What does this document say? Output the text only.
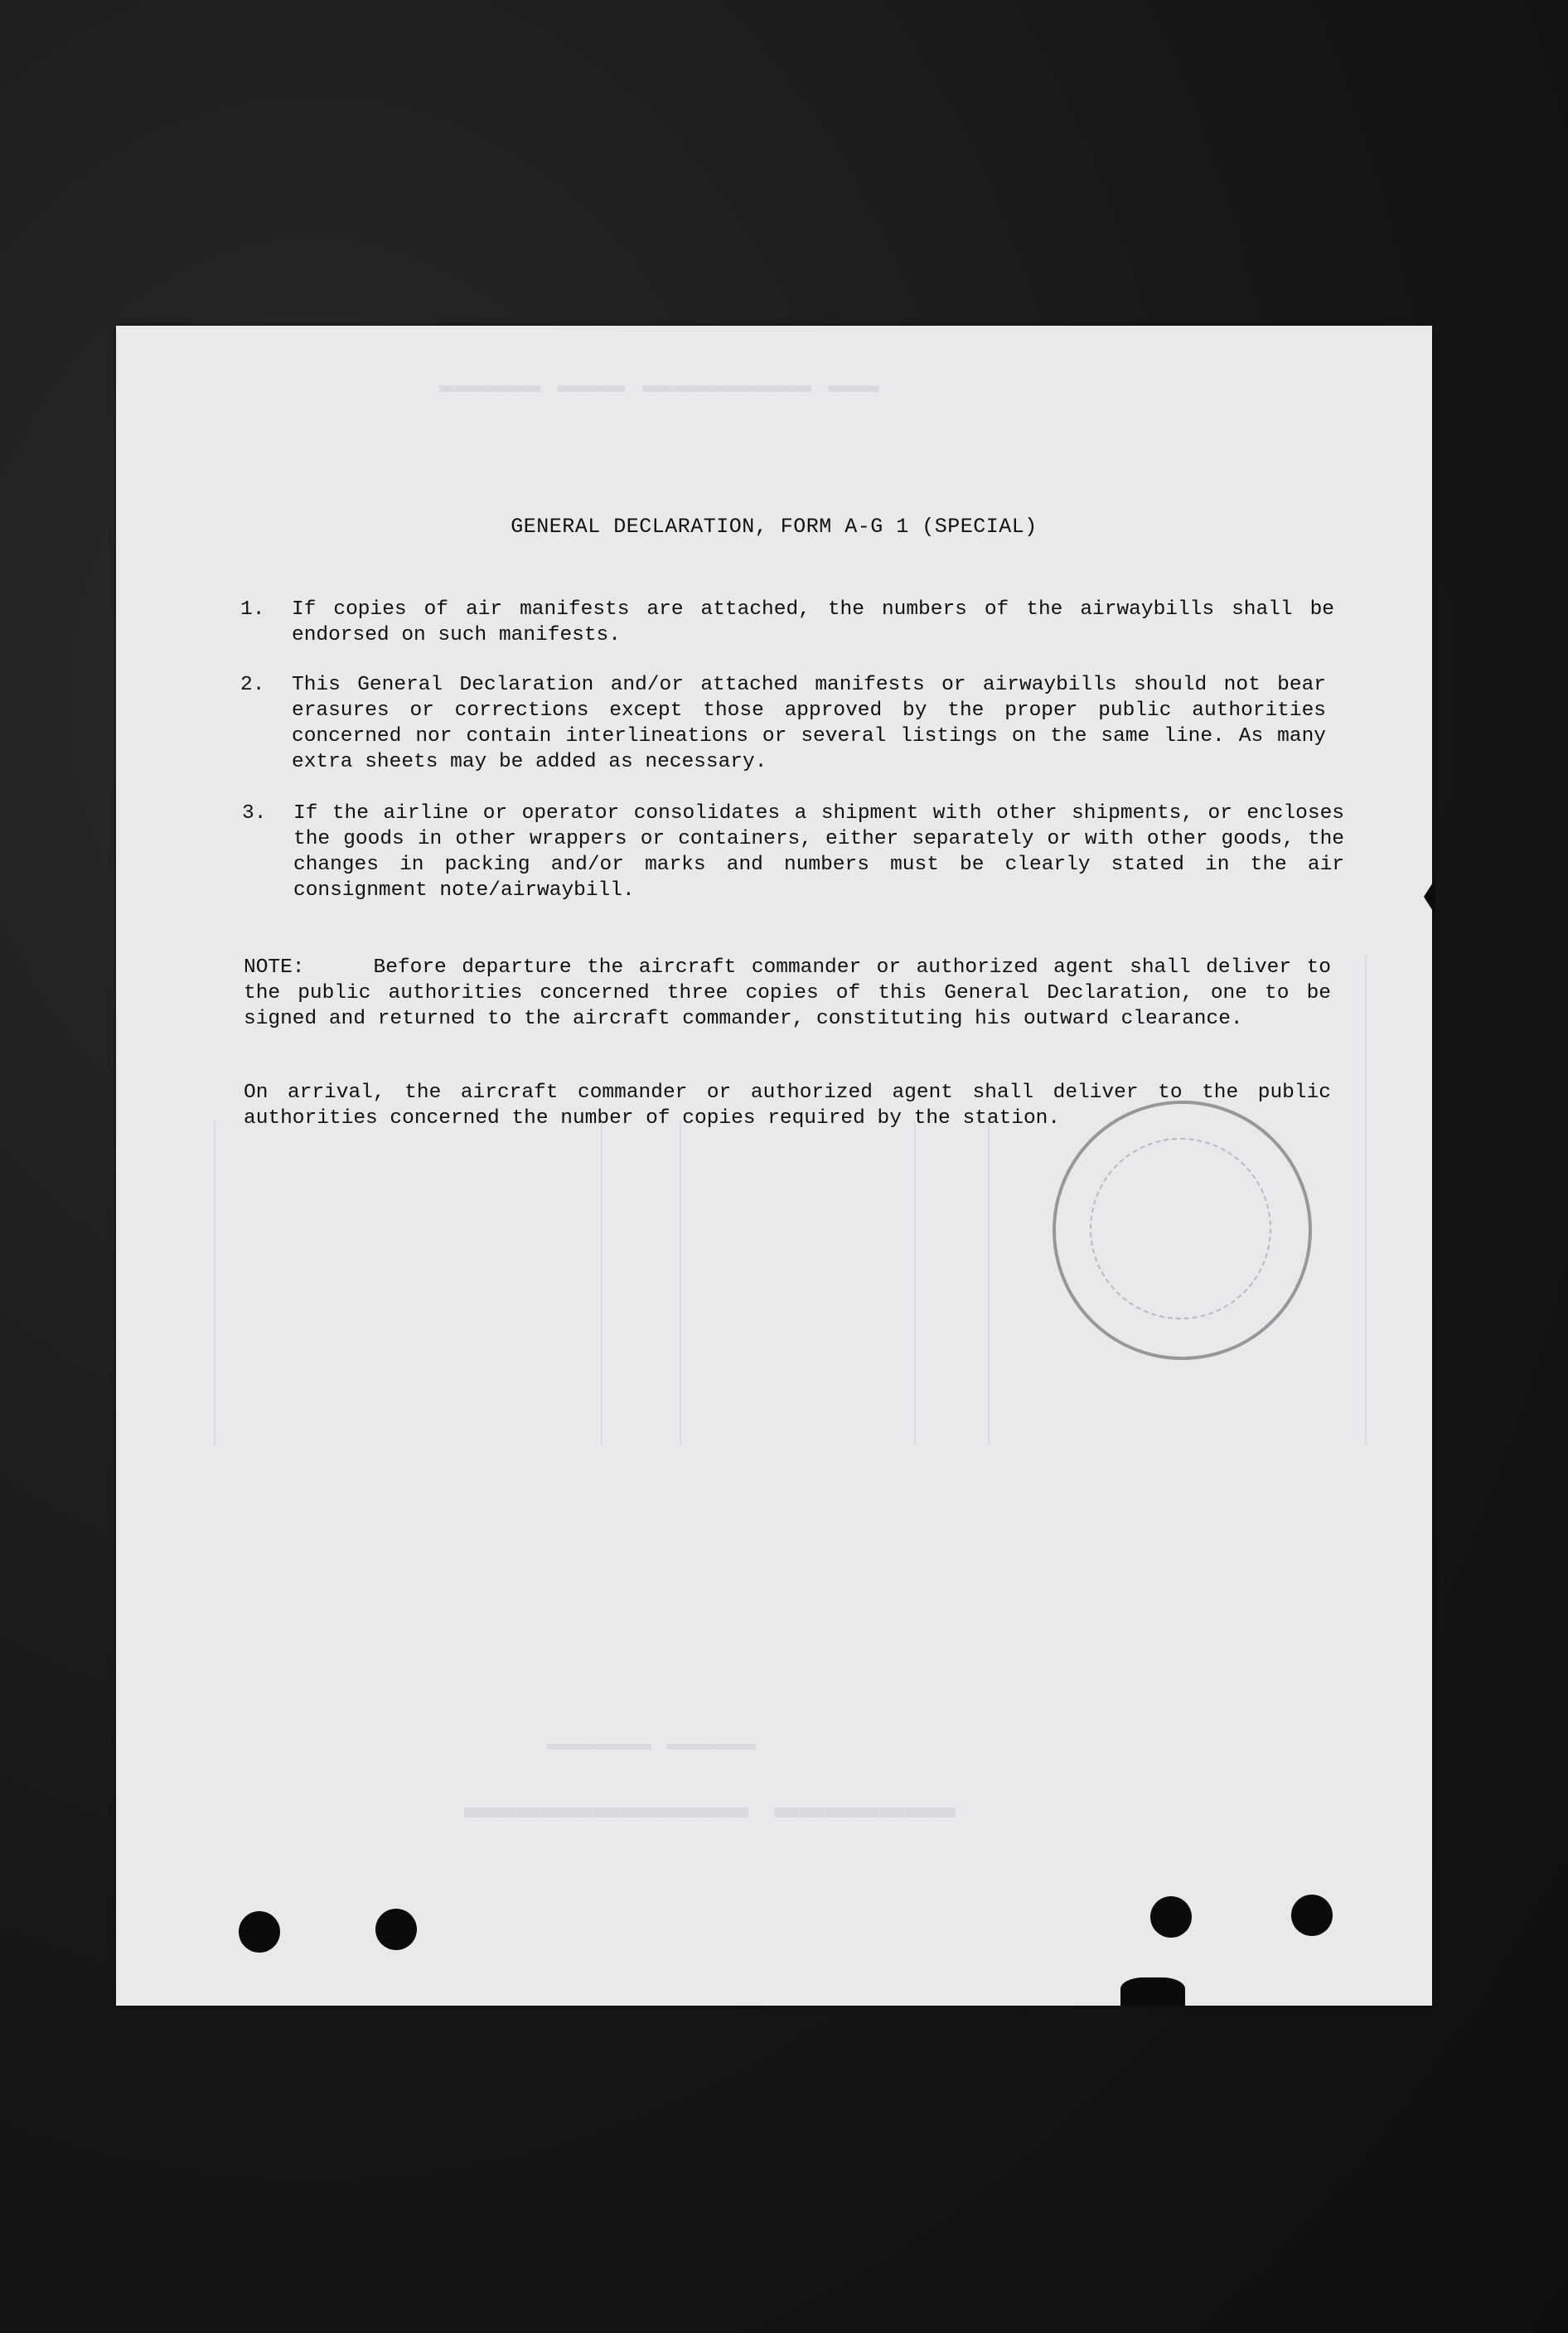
▬▬▬ ▬▬▬▬▬▬▬▬▬▬ ▬▬▬▬ ▬▬▬▬▬▬
▬▬▬▬▬▬▬ ▬▬▬▬▬▬▬▬▬▬▬
▬▬▬▬▬▬ ▬▬▬▬▬▬▬
GENERAL DECLARATION, FORM A-G 1 (SPECIAL)
1. If copies of air manifests are attached, the numbers of the airwaybills shall be endorsed on such manifests.
2. This General Declaration and/or attached manifests or airwaybills should not bear erasures or corrections except those approved by the proper public authorities concerned nor contain interlineations or several listings on the same line. As many extra sheets may be added as necessary.
3. If the airline or operator consolidates a shipment with other shipments, or encloses the goods in other wrappers or containers, either separately or with other goods, the changes in packing and/or marks and numbers must be clearly stated in the air consignment note/airwaybill.
NOTE:	Before departure the aircraft commander or authorized agent shall deliver to the public authorities concerned three copies of this General Declaration, one to be signed and returned to the aircraft commander, constituting his outward clearance.
On arrival, the aircraft commander or authorized agent shall deliver to the public authorities concerned the number of copies required by the station.
